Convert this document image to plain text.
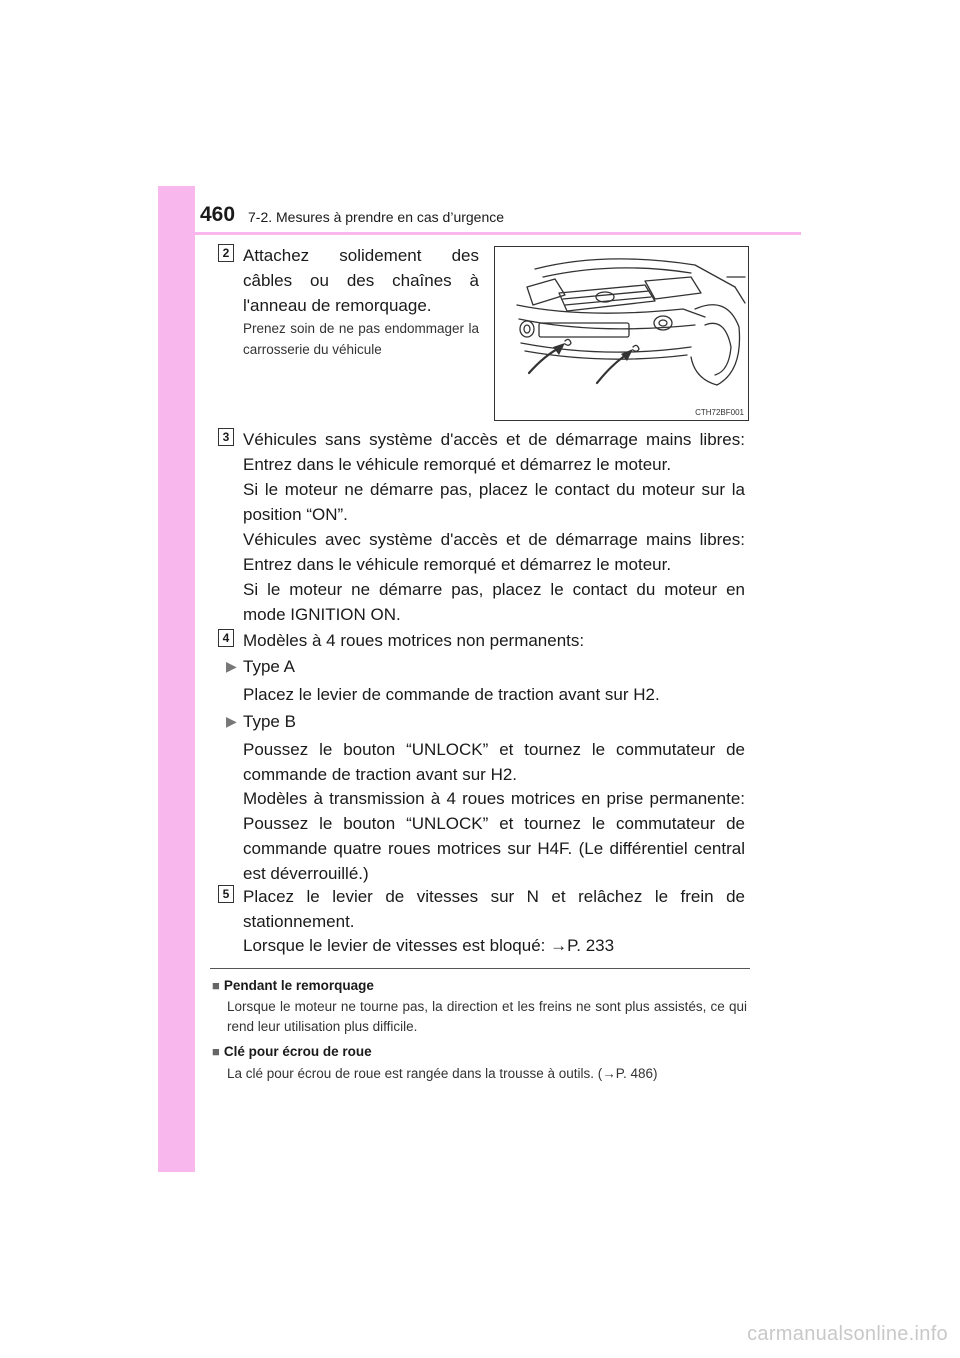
460 7-2. Mesures à prendre en cas d’urgence
2 Attachez solidement des câbles ou des chaînes à l'anneau de remorquage.
Prenez soin de ne pas endommager la carrosserie du véhicule
CTH72BF001
3 Véhicules sans système d'accès et de démarrage mains libres: Entrez dans le véhicule remorqué et démarrez le moteur.
Si le moteur ne démarre pas, placez le contact du moteur sur la position “ON”.
Véhicules avec système d'accès et de démarrage mains libres: Entrez dans le véhicule remorqué et démarrez le moteur.
Si le moteur ne démarre pas, placez le contact du moteur en mode IGNITION ON.
4 Modèles à 4 roues motrices non permanents:
▶ Type A
Placez le levier de commande de traction avant sur H2.
▶ Type B
Poussez le bouton “UNLOCK” et tournez le commutateur de commande de traction avant sur H2.
Modèles à transmission à 4 roues motrices en prise permanente: Poussez le bouton “UNLOCK” et tournez le commutateur de commande quatre roues motrices sur H4F. (Le différentiel central est déverrouillé.)
5 Placez le levier de vitesses sur N et relâchez le frein de stationnement.
Lorsque le levier de vitesses est bloqué: →P. 233
■ Pendant le remorquage
Lorsque le moteur ne tourne pas, la direction et les freins ne sont plus assistés, ce qui rend leur utilisation plus difficile.
■ Clé pour écrou de roue
La clé pour écrou de roue est rangée dans la trousse à outils. (→P. 486)
carmanualsonline.info
